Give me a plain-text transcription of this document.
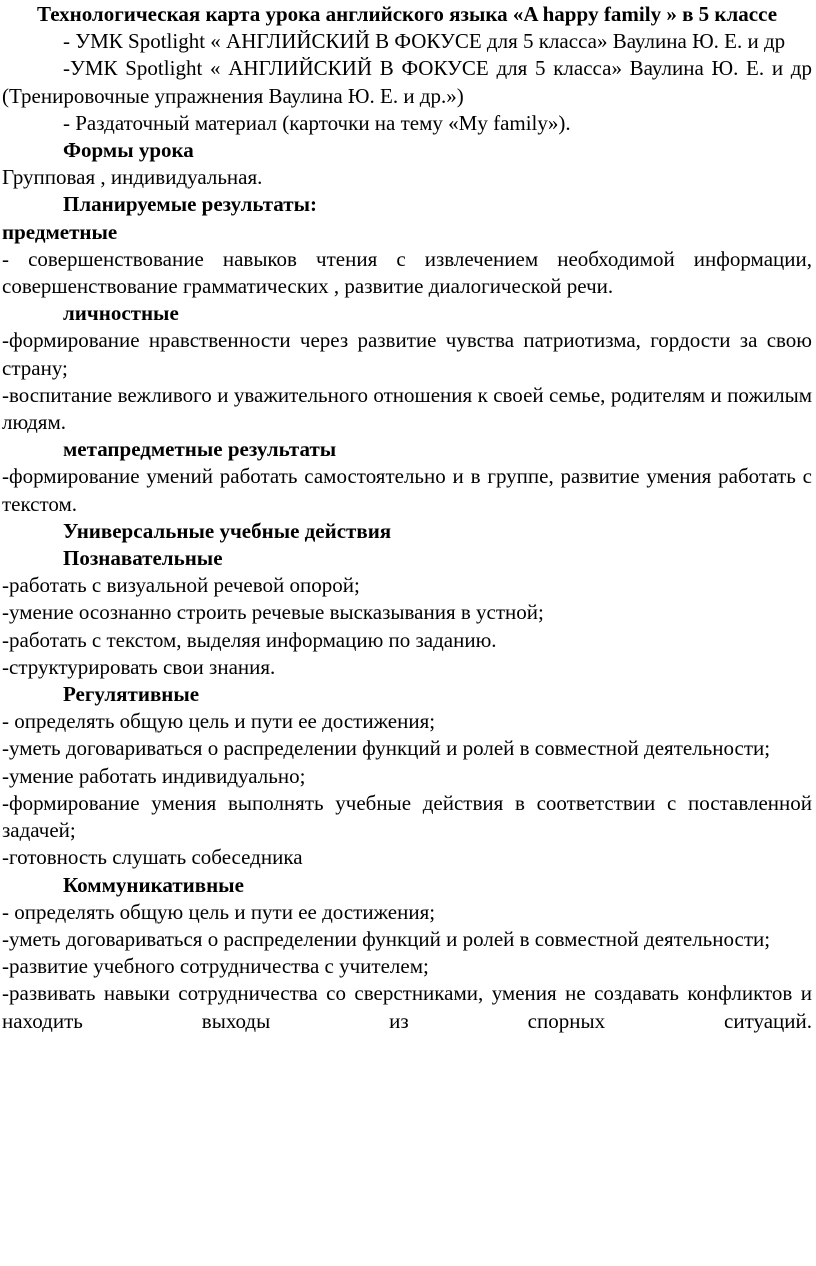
Технологическая карта урока английского языка «A happy family » в 5 классе

- УМК Spotlight « АНГЛИЙСКИЙ В ФОКУСЕ для 5 класса» Ваулина Ю. Е. и др

-УМК Spotlight « АНГЛИЙСКИЙ В ФОКУСЕ для 5 класса» Ваулина Ю. Е. и др (Тренировочные упражнения Ваулина Ю. Е. и др.»)

- Раздаточный материал (карточки на тему «My family»).

Формы урока

Групповая , индивидуальная.

Планируемые результаты:

предметные

- совершенствование навыков чтения с извлечением необходимой информации, совершенствование грамматических , развитие диалогической речи.

личностные

-формирование нравственности через развитие чувства патриотизма, гордости за свою страну;

-воспитание вежливого и уважительного отношения к своей семье, родителям и пожилым людям.

метапредметные результаты

-формирование умений работать самостоятельно и в группе, развитие умения работать с текстом.

Универсальные учебные действия

Познавательные

-работать с визуальной речевой опорой;

-умение осознанно строить речевые высказывания в устной;

-работать с текстом, выделяя информацию по заданию.

-структурировать свои знания.

Регулятивные

- определять общую цель и пути ее достижения;

-уметь договариваться о распределении функций и ролей в совместной деятельности;

-умение работать индивидуально;

-формирование умения выполнять учебные действия в соответствии с поставленной задачей;

-готовность слушать собеседника

Коммуникативные

- определять общую цель и пути ее достижения;

-уметь договариваться о распределении функций и ролей в совместной деятельности;

-развитие учебного сотрудничества с учителем;

-развивать навыки сотрудничества со сверстниками, умения не создавать конфликтов и находить выходы из спорных ситуаций.
